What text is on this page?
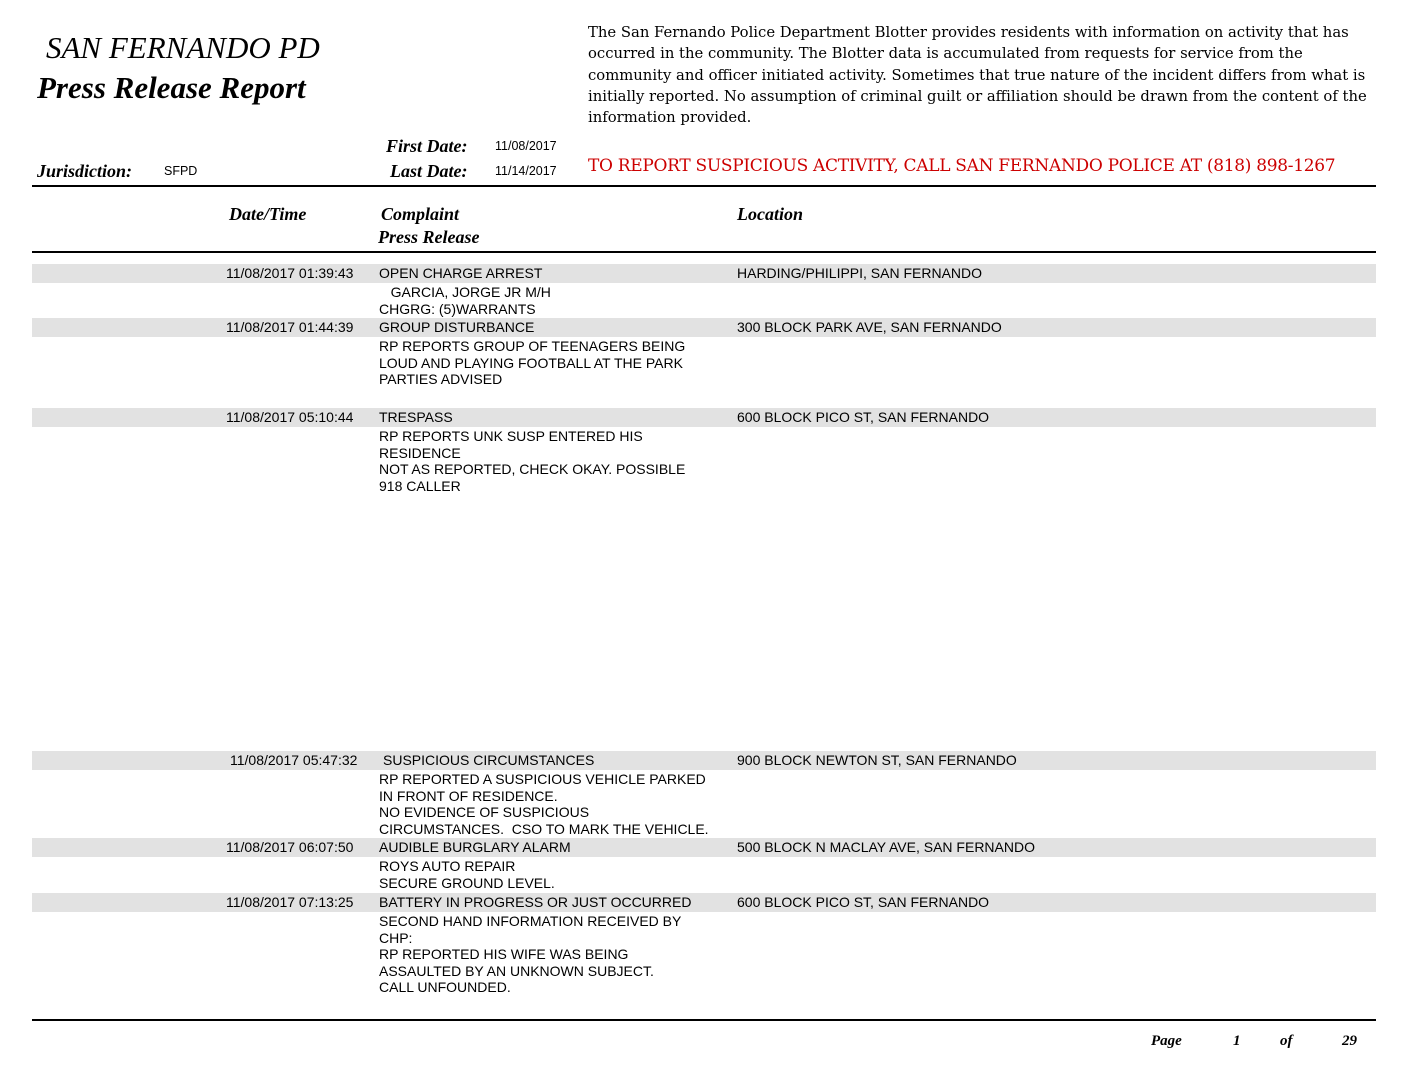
SAN FERNANDO PD
Press Release Report
The San Fernando Police Department Blotter provides residents with information on activity that has occurred in the community. The Blotter data is accumulated from requests for service from the community and officer initiated activity. Sometimes that true nature of the incident differs from what is initially reported. No assumption of criminal guilt or affiliation should be drawn from the content of the information provided.
First Date: 11/08/2017
Jurisdiction:	SFPD	Last Date: 11/14/2017 TO REPORT SUSPICIOUS ACTIVITY, CALL SAN FERNANDO POLICE AT (818) 898-1267
Date/Time	Complaint
Press Release
Location
11/08/2017 01:39:43 OPEN CHARGE ARREST	HARDING/PHILIPPI, SAN FERNANDO
GARCIA, JORGE JR M/H
CHGRG: (5)WARRANTS
11/08/2017 01:44:39 GROUP DISTURBANCE	300 BLOCK PARK AVE, SAN FERNANDO
RP REPORTS GROUP OF TEENAGERS BEING
LOUD AND PLAYING FOOTBALL AT THE PARK
PARTIES ADVISED
11/08/2017 05:10:44 TRESPASS	600 BLOCK PICO ST, SAN FERNANDO
RP REPORTS UNK SUSP ENTERED HIS
RESIDENCE
NOT AS REPORTED, CHECK OKAY. POSSIBLE
918 CALLER
11/08/2017 05:47:32 SUSPICIOUS CIRCUMSTANCES	900 BLOCK NEWTON ST, SAN FERNANDO
RP REPORTED A SUSPICIOUS VEHICLE PARKED
IN FRONT OF RESIDENCE.
NO EVIDENCE OF SUSPICIOUS
CIRCUMSTANCES.  CSO TO MARK THE VEHICLE.
11/08/2017 06:07:50 AUDIBLE BURGLARY ALARM	500 BLOCK N MACLAY AVE, SAN FERNANDO
ROYS AUTO REPAIR
SECURE GROUND LEVEL.
11/08/2017 07:13:25 BATTERY IN PROGRESS OR JUST OCCURRED	600 BLOCK PICO ST, SAN FERNANDO
SECOND HAND INFORMATION RECEIVED BY
CHP:
RP REPORTED HIS WIFE WAS BEING
ASSAULTED BY AN UNKNOWN SUBJECT.
CALL UNFOUNDED.
Page	1	of	29
